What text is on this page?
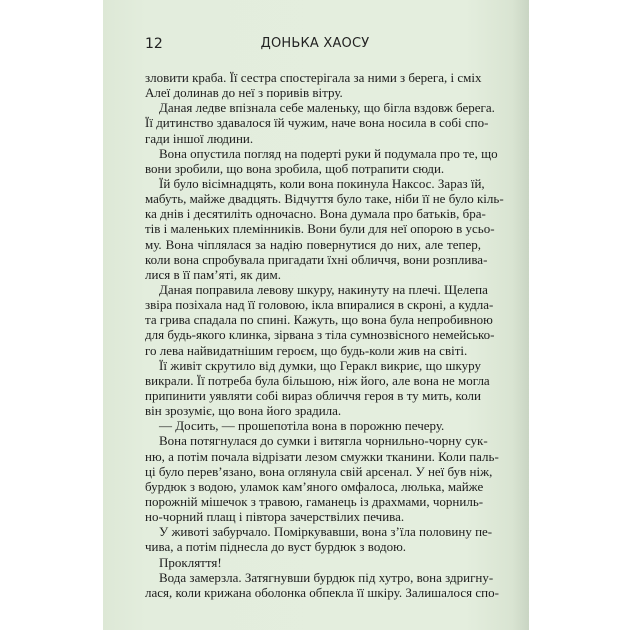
12	ДОНЬКА ХАОСУ
зловити краба. Її сестра спостерігала за ними з берега, і сміх
Алеї долинав до неї з поривів вітру.
Даная ледве впізнала себе маленьку, що бігла вздовж берега.
Її дитинство здавалося їй чужим, наче вона носила в собі спо-
гади іншої людини.
Вона опустила погляд на подерті руки й подумала про те, що
вони зробили, що вона зробила, щоб потрапити сюди.
Їй було вісімнадцять, коли вона покинула Наксос. Зараз їй,
мабуть, майже двадцять. Відчуття було таке, ніби її не було кіль-
ка днів і десятиліть одночасно. Вона думала про батьків, бра-
тів і маленьких племінників. Вони були для неї опорою в усьо-
му. Вона чіплялася за надію повернутися до них, але тепер,
коли вона спробувала пригадати їхні обличчя, вони розплива-
лися в її пам’яті, як дим.
Даная поправила левову шкуру, накинуту на плечі. Щелепа
звіра позіхала над її головою, ікла впиралися в скроні, а кудла-
та грива спадала по спині. Кажуть, що вона була непробивною
для будь-якого клинка, зірвана з тіла сумнозвісного немейсько-
го лева найвидатнішим героєм, що будь-коли жив на світі.
Її живіт скрутило від думки, що Геракл викриє, що шкуру
викрали. Її потреба була більшою, ніж його, але вона не могла
припинити уявляти собі вираз обличчя героя в ту мить, коли
він зрозуміє, що вона його зрадила.
— Досить, — прошепотіла вона в порожню печеру.
Вона потягнулася до сумки і витягла чорнильно-чорну сук-
ню, а потім почала відрізати лезом смужки тканини. Коли паль-
ці було перев’язано, вона оглянула свій арсенал. У неї був ніж,
бурдюк з водою, уламок кам’яного омфалоса, люлька, майже
порожній мішечок з травою, гаманець із драхмами, чорниль-
но-чорний плащ і півтора зачерствілих печива.
У животі забурчало. Поміркувавши, вона з’їла половину пе-
чива, а потім піднесла до вуст бурдюк з водою.
Прокляття!
Вода замерзла. Затягнувши бурдюк під хутро, вона здригну-
лася, коли крижана оболонка обпекла її шкіру. Залишалося спо-
